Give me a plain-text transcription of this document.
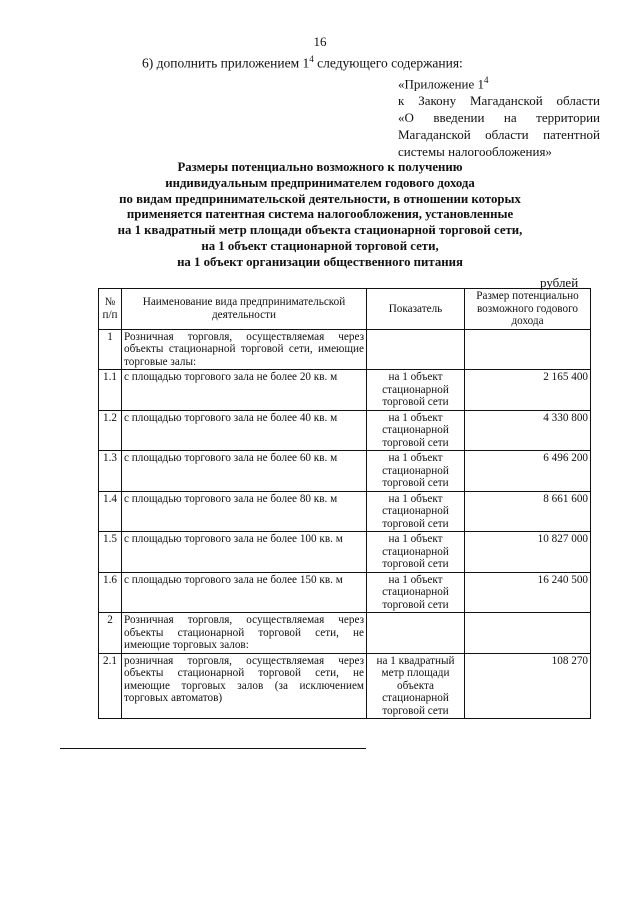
16
6) дополнить приложением $1^4$ следующего содержания:
«Приложение $1^4$
к Закону Магаданской области
«О введении на территории
Магаданской области патентной
системы налогообложения»
Размеры потенциально возможного к получению
индивидуальным предпринимателем годового дохода
по видам предпринимательской деятельности, в отношении которых
применяется патентная система налогообложения, установленные
на 1 квадратный метр площади объекта стационарной торговой сети,
на 1 объект стационарной торговой сети,
на 1 объект организации общественного питания
рублей
№ п/п	Наименование вида предпринимательской деятельности	Показатель	Размер потенциально возможного годового дохода
1	Розничная торговля, осуществляемая через объекты стационарной торговой сети, имеющие торговые залы:		
1.1	с площадью торгового зала не более 20 кв. м	на 1 объект стационарной торговой сети	2 165 400
1.2	с площадью торгового зала не более 40 кв. м	на 1 объект стационарной торговой сети	4 330 800
1.3	с площадью торгового зала не более 60 кв. м	на 1 объект стационарной торговой сети	6 496 200
1.4	с площадью торгового зала не более 80 кв. м	на 1 объект стационарной торговой сети	8 661 600
1.5	с площадью торгового зала не более 100 кв. м	на 1 объект стационарной торговой сети	10 827 000
1.6	с площадью торгового зала не более 150 кв. м	на 1 объект стационарной торговой сети	16 240 500
2	Розничная торговля, осуществляемая через объекты стационарной торговой сети, не имеющие торговых залов:		
2.1	розничная торговля, осуществляемая через объекты стационарной торговой сети, не имеющие торговых залов (за исключением торговых автоматов)	на 1 квадратный метр площади объекта стационарной торговой сети	108 270
